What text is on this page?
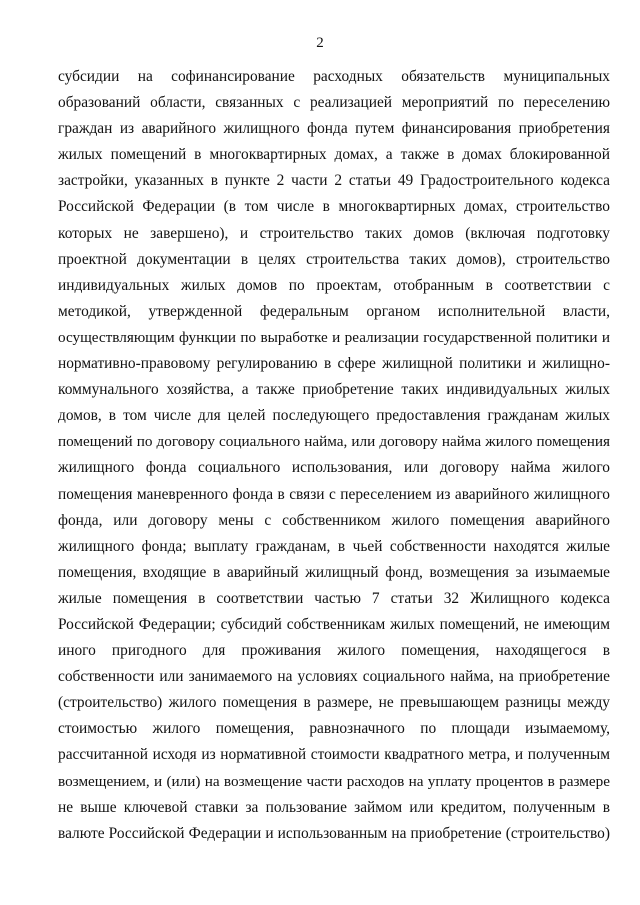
2
субсидии на софинансирование расходных обязательств муниципальных
образований области, связанных с реализацией мероприятий по переселению
граждан из аварийного жилищного фонда путем финансирования приобретения
жилых помещений в многоквартирных домах, а также в домах блокированной
застройки, указанных в пункте 2 части 2 статьи 49 Градостроительного кодекса
Российской Федерации (в том числе в многоквартирных домах, строительство
которых не завершено), и строительство таких домов (включая подготовку
проектной документации в целях строительства таких домов), строительство
индивидуальных жилых домов по проектам, отобранным в соответствии с
методикой, утвержденной федеральным органом исполнительной власти,
осуществляющим функции по выработке и реализации государственной политики и
нормативно-правовому регулированию в сфере жилищной политики и жилищно-
коммунального хозяйства, а также приобретение таких индивидуальных жилых
домов, в том числе для целей последующего предоставления гражданам жилых
помещений по договору социального найма, или договору найма жилого помещения
жилищного фонда социального использования, или договору найма жилого
помещения маневренного фонда в связи с переселением из аварийного жилищного
фонда, или договору мены с собственником жилого помещения аварийного
жилищного фонда; выплату гражданам, в чьей собственности находятся жилые
помещения, входящие в аварийный жилищный фонд, возмещения за изымаемые
жилые помещения в соответствии частью 7 статьи 32 Жилищного кодекса
Российской Федерации; субсидий собственникам жилых помещений, не имеющим
иного пригодного для проживания жилого помещения, находящегося в
собственности или занимаемого на условиях социального найма, на приобретение
(строительство) жилого помещения в размере, не превышающем разницы между
стоимостью жилого помещения, равнозначного по площади изымаемому,
рассчитанной исходя из нормативной стоимости квадратного метра, и полученным
возмещением, и (или) на возмещение части расходов на уплату процентов в размере
не выше ключевой ставки за пользование займом или кредитом, полученным в
валюте Российской Федерации и использованным на приобретение (строительство)
